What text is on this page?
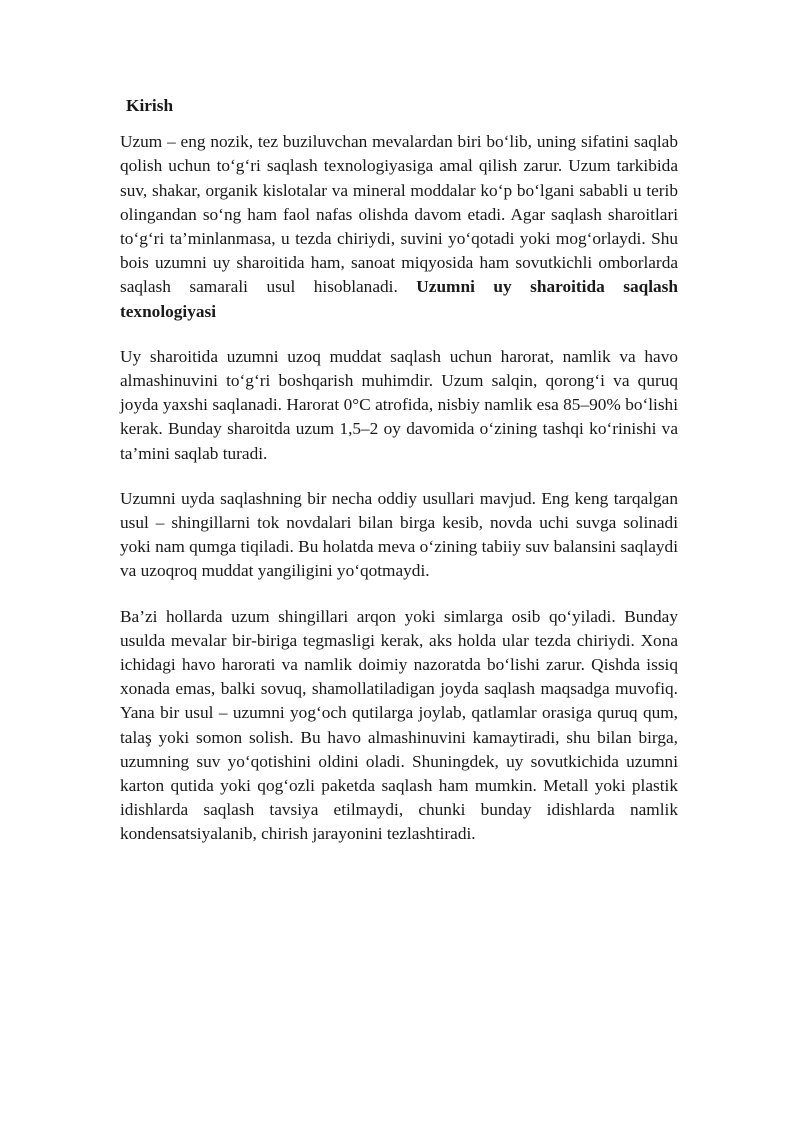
Kirish

Uzum – eng nozik, tez buziluvchan mevalardan biri bo‘lib, uning sifatini saqlab qolish uchun to‘g‘ri saqlash texnologiyasiga amal qilish zarur. Uzum tarkibida suv, shakar, organik kislotalar va mineral moddalar ko‘p bo‘lgani sababli u terib olingandan so‘ng ham faol nafas olishda davom etadi. Agar saqlash sharoitlari to‘g‘ri ta’minlanmasa, u tezda chiriydi, suvini yo‘qotadi yoki mog‘orlaydi. Shu bois uzumni uy sharoitida ham, sanoat miqyosida ham sovutkichli omborlarda saqlash samarali usul hisoblanadi. Uzumni uy sharoitida saqlash texnologiyasi

Uy sharoitida uzumni uzoq muddat saqlash uchun harorat, namlik va havo almashinuvini to‘g‘ri boshqarish muhimdir. Uzum salqin, qorong‘i va quruq joyda yaxshi saqlanadi. Harorat 0°C atrofida, nisbiy namlik esa 85–90% bo‘lishi kerak. Bunday sharoitda uzum 1,5–2 oy davomida o‘zining tashqi ko‘rinishi va ta’mini saqlab turadi.

Uzumni uyda saqlashning bir necha oddiy usullari mavjud. Eng keng tarqalgan usul – shingillarni tok novdalari bilan birga kesib, novda uchi suvga solinadi yoki nam qumga tiqiladi. Bu holatda meva o‘zining tabiiy suv balansini saqlaydi va uzoqroq muddat yangiligini yo‘qotmaydi.

Ba’zi hollarda uzum shingillari arqon yoki simlarga osib qo‘yiladi. Bunday usulda mevalar bir-biriga tegmasligi kerak, aks holda ular tezda chiriydi. Xona ichidagi havo harorati va namlik doimiy nazoratda bo‘lishi zarur. Qishda issiq xonada emas, balki sovuq, shamollatiladigan joyda saqlash maqsadga muvofiq. Yana bir usul – uzumni yog‘och qutilarga joylab, qatlamlar orasiga quruq qum, talaş yoki somon solish. Bu havo almashinuvini kamaytiradi, shu bilan birga, uzumning suv yo‘qotishini oldini oladi. Shuningdek, uy sovutkichida uzumni karton qutida yoki qog‘ozli paketda saqlash ham mumkin. Metall yoki plastik idishlarda saqlash tavsiya etilmaydi, chunki bunday idishlarda namlik kondensatsiyalanib, chirish jarayonini tezlashtiradi.
